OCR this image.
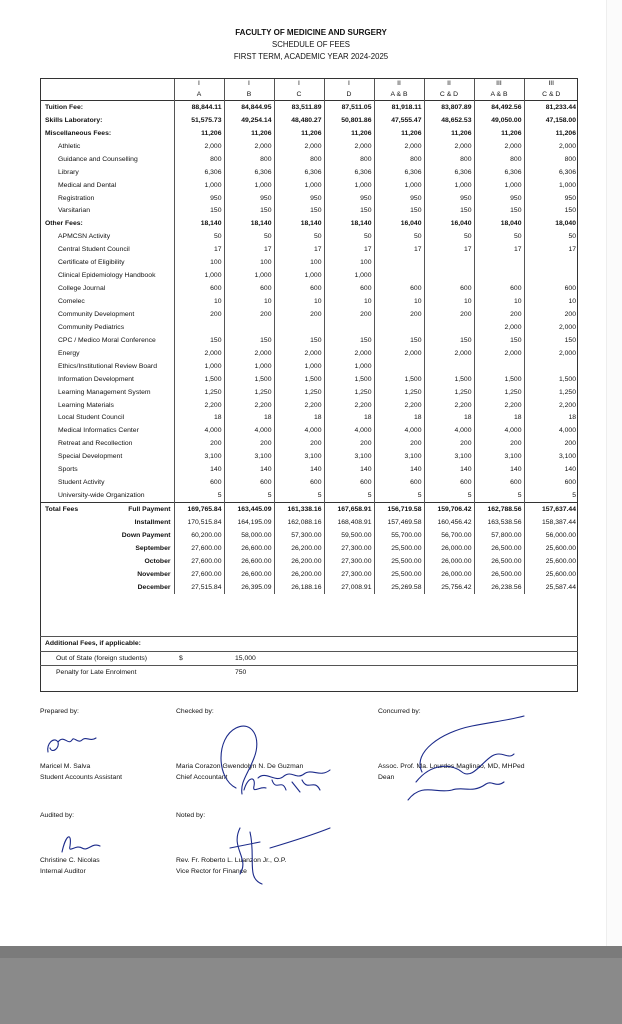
FACULTY OF MEDICINE AND SURGERY
SCHEDULE OF FEES
FIRST TERM, ACADEMIC YEAR 2024-2025
	I	I	I	I	II	II	III	III
	A	B	C	D	A & B	C & D	A & B	C & D
Tuition Fee:	88,844.11	84,844.95	83,511.89	87,511.05	81,918.11	83,807.89	84,492.56	81,233.44
Skills Laboratory:	51,575.73	49,254.14	48,480.27	50,801.86	47,555.47	48,652.53	49,050.00	47,158.00
Miscellaneous Fees:	11,206	11,206	11,206	11,206	11,206	11,206	11,206	11,206
Athletic	2,000	2,000	2,000	2,000	2,000	2,000	2,000	2,000
Guidance and Counselling	800	800	800	800	800	800	800	800
Library	6,306	6,306	6,306	6,306	6,306	6,306	6,306	6,306
Medical and Dental	1,000	1,000	1,000	1,000	1,000	1,000	1,000	1,000
Registration	950	950	950	950	950	950	950	950
Varsitarian	150	150	150	150	150	150	150	150
Other Fees:	18,140	18,140	18,140	18,140	16,040	16,040	18,040	18,040
APMCSN Activity	50	50	50	50	50	50	50	50
Central Student Council	17	17	17	17	17	17	17	17
Certificate of Eligibility	100	100	100	100				
Clinical Epidemiology Handbook	1,000	1,000	1,000	1,000				
College Journal	600	600	600	600	600	600	600	600
Comelec	10	10	10	10	10	10	10	10
Community Development	200	200	200	200	200	200	200	200
Community Pediatrics							2,000	2,000
CPC / Medico Moral Conference	150	150	150	150	150	150	150	150
Energy	2,000	2,000	2,000	2,000	2,000	2,000	2,000	2,000
Ethics/Institutional Review Board	1,000	1,000	1,000	1,000				
Information Development	1,500	1,500	1,500	1,500	1,500	1,500	1,500	1,500
Learning Management System	1,250	1,250	1,250	1,250	1,250	1,250	1,250	1,250
Learning Materials	2,200	2,200	2,200	2,200	2,200	2,200	2,200	2,200
Local Student Council	18	18	18	18	18	18	18	18
Medical Informatics Center	4,000	4,000	4,000	4,000	4,000	4,000	4,000	4,000
Retreat and Recollection	200	200	200	200	200	200	200	200
Special Development	3,100	3,100	3,100	3,100	3,100	3,100	3,100	3,100
Sports	140	140	140	140	140	140	140	140
Student Activity	600	600	600	600	600	600	600	600
University-wide Organization	5	5	5	5	5	5	5	5

Total Fees Full Payment	169,765.84	163,445.09	161,338.16	167,658.91	156,719.58	159,706.42	162,788.56	157,637.44
Installment	170,515.84	164,195.09	162,088.16	168,408.91	157,469.58	160,456.42	163,538.56	158,387.44
Down Payment	60,200.00	58,000.00	57,300.00	59,500.00	55,700.00	56,700.00	57,800.00	56,000.00
September	27,600.00	26,600.00	26,200.00	27,300.00	25,500.00	26,000.00	26,500.00	25,600.00
October	27,600.00	26,600.00	26,200.00	27,300.00	25,500.00	26,000.00	26,500.00	25,600.00
November	27,600.00	26,600.00	26,200.00	27,300.00	25,500.00	26,000.00	26,500.00	25,600.00
December	27,515.84	26,395.09	26,188.16	27,008.91	25,269.58	25,756.42	26,238.56	25,587.44
Additional Fees, if applicable:
Out of State (foreign students)	$	15,000
Penalty for Late Enrolment	750
Prepared by:
Maricel M. Salva
Student Accounts Assistant
Checked by:
Maria Corazon Gwendolyn N. De Guzman
Chief Accountant
Concurred by:
Assoc. Prof. Ma. Lourdes Maglinao, MD, MHPed
Dean
Audited by:
Christine C. Nicolas
Internal Auditor
Noted by:
Rev. Fr. Roberto L. Luanzon Jr., O.P.
Vice Rector for Finance
